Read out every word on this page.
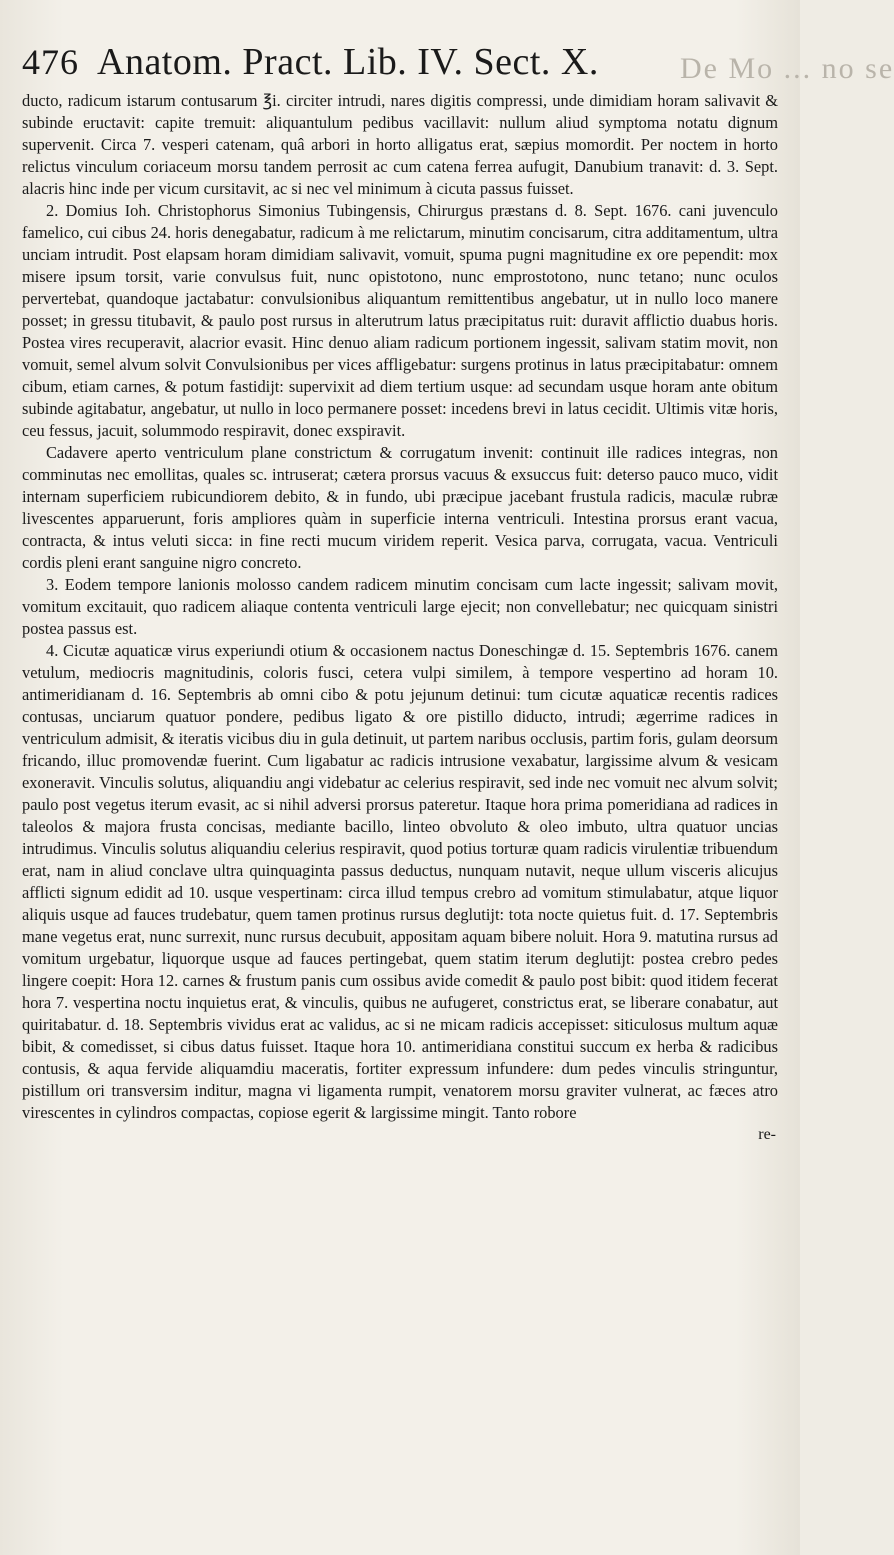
De Mo ... no se
476 Anatom. Pract. Lib. IV. Sect. X.

ducto, radicum istarum contusarum ℥i. circiter intrudi, nares digitis compressi, unde dimidiam horam salivavit & subinde eructavit: capite tremuit: aliquantulum pedibus vacillavit: nullum aliud symptoma notatu dignum supervenit. Circa 7. vesperi catenam, quâ arbori in horto alligatus erat, sæpius momordit. Per noctem in horto relictus vinculum coriaceum morsu tandem perrosit ac cum catena ferrea aufugit, Danubium tranavit: d. 3. Sept. alacris hinc inde per vicum cursitavit, ac si nec vel minimum à cicuta passus fuisset.

2. Domius Ioh. Christophorus Simonius Tubingensis, Chirurgus præstans d. 8. Sept. 1676. cani juvenculo famelico, cui cibus 24. horis denegabatur, radicum à me relictarum, minutim concisarum, citra additamentum, ultra unciam intrudit. Post elapsam horam dimidiam salivavit, vomuit, spuma pugni magnitudine ex ore pependit: mox misere ipsum torsit, varie convulsus fuit, nunc opistotono, nunc emprostotono, nunc tetano; nunc oculos pervertebat, quandoque jactabatur: convulsionibus aliquantum remittentibus angebatur, ut in nullo loco manere posset; in gressu titubavit, & paulo post rursus in alterutrum latus præcipitatus ruit: duravit afflictio duabus horis. Postea vires recuperavit, alacrior evasit. Hinc denuo aliam radicum portionem ingessit, salivam statim movit, non vomuit, semel alvum solvit Convulsionibus per vices affligebatur: surgens protinus in latus præcipitabatur: omnem cibum, etiam carnes, & potum fastidijt: supervixit ad diem tertium usque: ad secundam usque horam ante obitum subinde agitabatur, angebatur, ut nullo in loco permanere posset: incedens brevi in latus cecidit. Ultimis vitæ horis, ceu fessus, jacuit, solummodo respiravit, donec exspiravit.

Cadavere aperto ventriculum plane constrictum & corrugatum invenit: continuit ille radices integras, non comminutas nec emollitas, quales sc. intruserat; cætera prorsus vacuus & exsuccus fuit: deterso pauco muco, vidit internam superficiem rubicundiorem debito, & in fundo, ubi præcipue jacebant frustula radicis, maculæ rubræ livescentes apparuerunt, foris ampliores quàm in superficie interna ventriculi. Intestina prorsus erant vacua, contracta, & intus veluti sicca: in fine recti mucum viridem reperit. Vesica parva, corrugata, vacua. Ventriculi cordis pleni erant sanguine nigro concreto.

3. Eodem tempore lanionis molosso candem radicem minutim concisam cum lacte ingessit; salivam movit, vomitum excitauit, quo radicem aliaque contenta ventriculi large ejecit; non convellebatur; nec quicquam sinistri postea passus est.

4. Cicutæ aquaticæ virus experiundi otium & occasionem nactus Doneschingæ d. 15. Septembris 1676. canem vetulum, mediocris magnitudinis, coloris fusci, cetera vulpi similem, à tempore vespertino ad horam 10. antimeridianam d. 16. Septembris ab omni cibo & potu jejunum detinui: tum cicutæ aquaticæ recentis radices contusas, unciarum quatuor pondere, pedibus ligato & ore pistillo diducto, intrudi; ægerrime radices in ventriculum admisit, & iteratis vicibus diu in gula detinuit, ut partem naribus occlusis, partim foris, gulam deorsum fricando, illuc promovendæ fuerint. Cum ligabatur ac radicis intrusione vexabatur, largissime alvum & vesicam exoneravit. Vinculis solutus, aliquandiu angi videbatur ac celerius respiravit, sed inde nec vomuit nec alvum solvit; paulo post vegetus iterum evasit, ac si nihil adversi prorsus pateretur. Itaque hora prima pomeridiana ad radices in taleolos & majora frusta concisas, mediante bacillo, linteo obvoluto & oleo imbuto, ultra quatuor uncias intrudimus. Vinculis solutus aliquandiu celerius respiravit, quod potius torturæ quam radicis virulentiæ tribuendum erat, nam in aliud conclave ultra quinquaginta passus deductus, nunquam nutavit, neque ullum visceris alicujus afflicti signum edidit ad 10. usque vespertinam: circa illud tempus crebro ad vomitum stimulabatur, atque liquor aliquis usque ad fauces trudebatur, quem tamen protinus rursus deglutijt: tota nocte quietus fuit. d. 17. Septembris mane vegetus erat, nunc surrexit, nunc rursus decubuit, appositam aquam bibere noluit. Hora 9. matutina rursus ad vomitum urgebatur, liquorque usque ad fauces pertingebat, quem statim iterum deglutijt: postea crebro pedes lingere coepit: Hora 12. carnes & frustum panis cum ossibus avide comedit & paulo post bibit: quod itidem fecerat hora 7. vespertina noctu inquietus erat, & vinculis, quibus ne aufugeret, constrictus erat, se liberare conabatur, aut quiritabatur. d. 18. Septembris vividus erat ac validus, ac si ne micam radicis accepisset: siticulosus multum aquæ bibit, & comedisset, si cibus datus fuisset. Itaque hora 10. antimeridiana constitui succum ex herba & radicibus contusis, & aqua fervide aliquamdiu maceratis, fortiter expressum infundere: dum pedes vinculis stringuntur, pistillum ori transversim inditur, magna vi ligamenta rumpit, venatorem morsu graviter vulnerat, ac fæces atro virescentes in cylindros compactas, copiose egerit & largissime mingit. Tanto robore

re-
